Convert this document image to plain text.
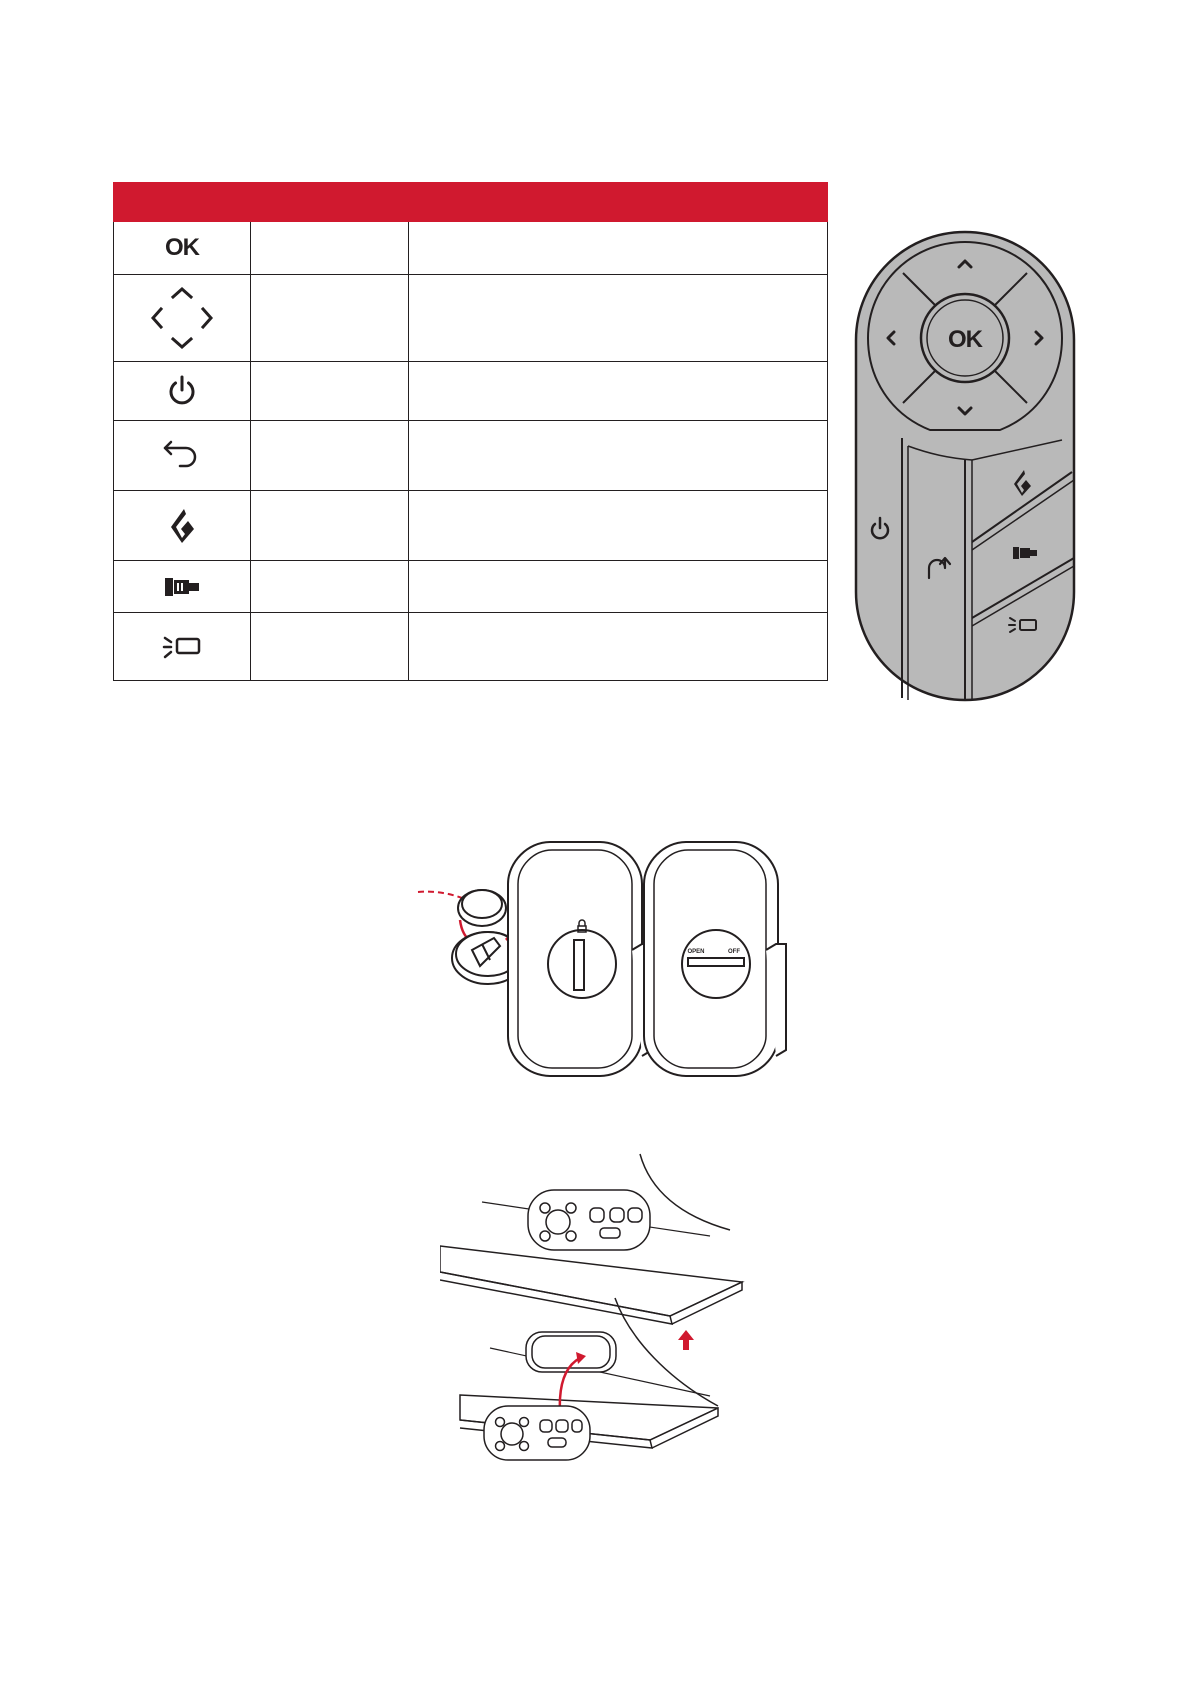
OK		

OK
OPEN	OFF
